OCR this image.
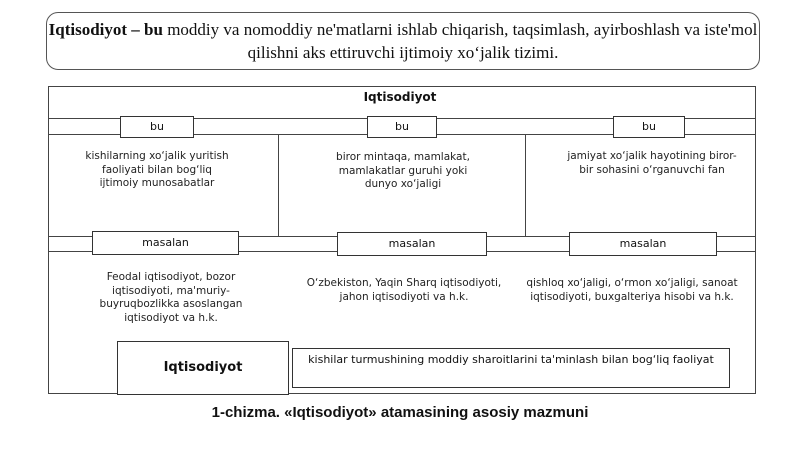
Iqtisodiyot – bu moddiy va nomoddiy ne'matlarni ishlab chiqarish, taqsimlash, ayirboshlash va iste'mol qilishni aks ettiruvchi ijtimoiy xo‘jalik tizimi.
Iqtisodiyot
bu	bu	bu
kishilarning xo‘jalik yuritish faoliyati bilan bog‘liq ijtimoiy munosabatlar
biror mintaqa, mamlakat, mamlakatlar guruhi yoki dunyo xo‘jaligi
jamiyat xo‘jalik hayotining biror-bir sohasini o‘rganuvchi fan
masalan	masalan	masalan
Feodal iqtisodiyot, bozor iqtisodiyoti, ma'muriy-buyruqbozlikka asoslangan iqtisodiyot va h.k.
O‘zbekiston, Yaqin Sharq iqtisodiyoti, jahon iqtisodiyoti va h.k.
qishloq xo‘jaligi, o‘rmon xo‘jaligi, sanoat iqtisodiyoti, buxgalteriya hisobi va h.k.
Iqtisodiyot
kishilar turmushining moddiy sharoitlarini ta'minlash bilan bog‘liq faoliyat
1-chizma. «Iqtisodiyot» atamasining asosiy mazmuni
